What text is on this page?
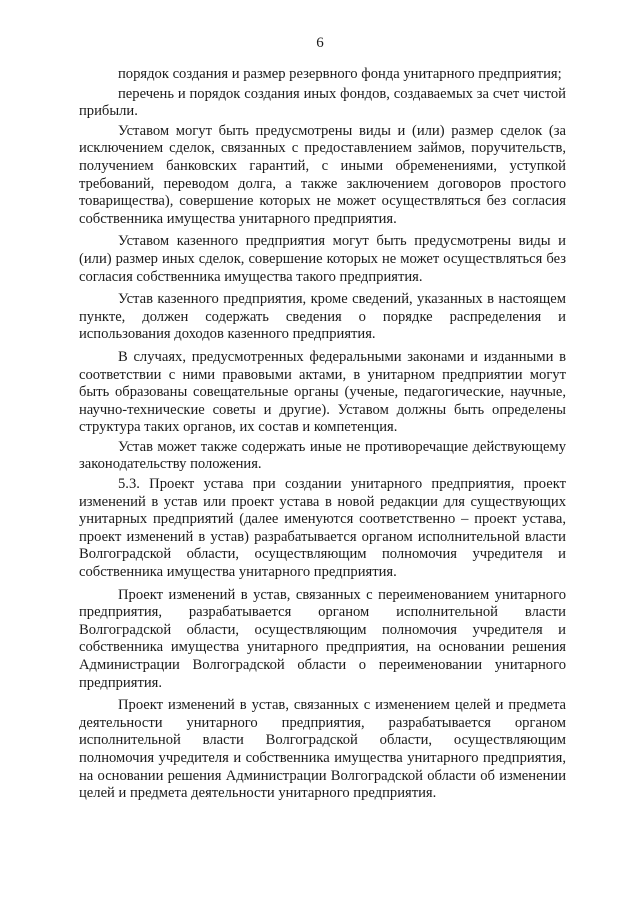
6

порядок создания и размер резервного фонда унитарного предприятия;

перечень и порядок создания иных фондов, создаваемых за счет чистой прибыли.

Уставом могут быть предусмотрены виды и (или) размер сделок (за исключением сделок, связанных с предоставлением займов, поручительств, получением банковских гарантий, с иными обременениями, уступкой требований, переводом долга, а также заключением договоров простого товарищества), совершение которых не может осуществляться без согласия собственника имущества унитарного предприятия.

Уставом казенного предприятия могут быть предусмотрены виды и (или) размер иных сделок, совершение которых не может осуществляться без согласия собственника имущества такого предприятия.

Устав казенного предприятия, кроме сведений, указанных в настоящем пункте, должен содержать сведения о порядке распределения и использования доходов казенного предприятия.

В случаях, предусмотренных федеральными законами и изданными в соответствии с ними правовыми актами, в унитарном предприятии могут быть образованы совещательные органы (ученые, педагогические, научные, научно-технические советы и другие). Уставом должны быть определены структура таких органов, их состав и компетенция.

Устав может также содержать иные не противоречащие действующему законодательству положения.

5.3. Проект устава при создании унитарного предприятия, проект изменений в устав или проект устава в новой редакции для существующих унитарных предприятий (далее именуются соответственно – проект устава, проект изменений в устав) разрабатывается органом исполнительной власти Волгоградской области, осуществляющим полномочия учредителя и собственника имущества унитарного предприятия.

Проект изменений в устав, связанных с переименованием унитарного предприятия, разрабатывается органом исполнительной власти Волгоградской области, осуществляющим полномочия учредителя и собственника имущества унитарного предприятия, на основании решения Администрации Волгоградской области о переименовании унитарного предприятия.

Проект изменений в устав, связанных с изменением целей и предмета деятельности унитарного предприятия, разрабатывается органом исполнительной власти Волгоградской области, осуществляющим полномочия учредителя и собственника имущества унитарного предприятия, на основании решения Администрации Волгоградской области об изменении целей и предмета деятельности унитарного предприятия.
